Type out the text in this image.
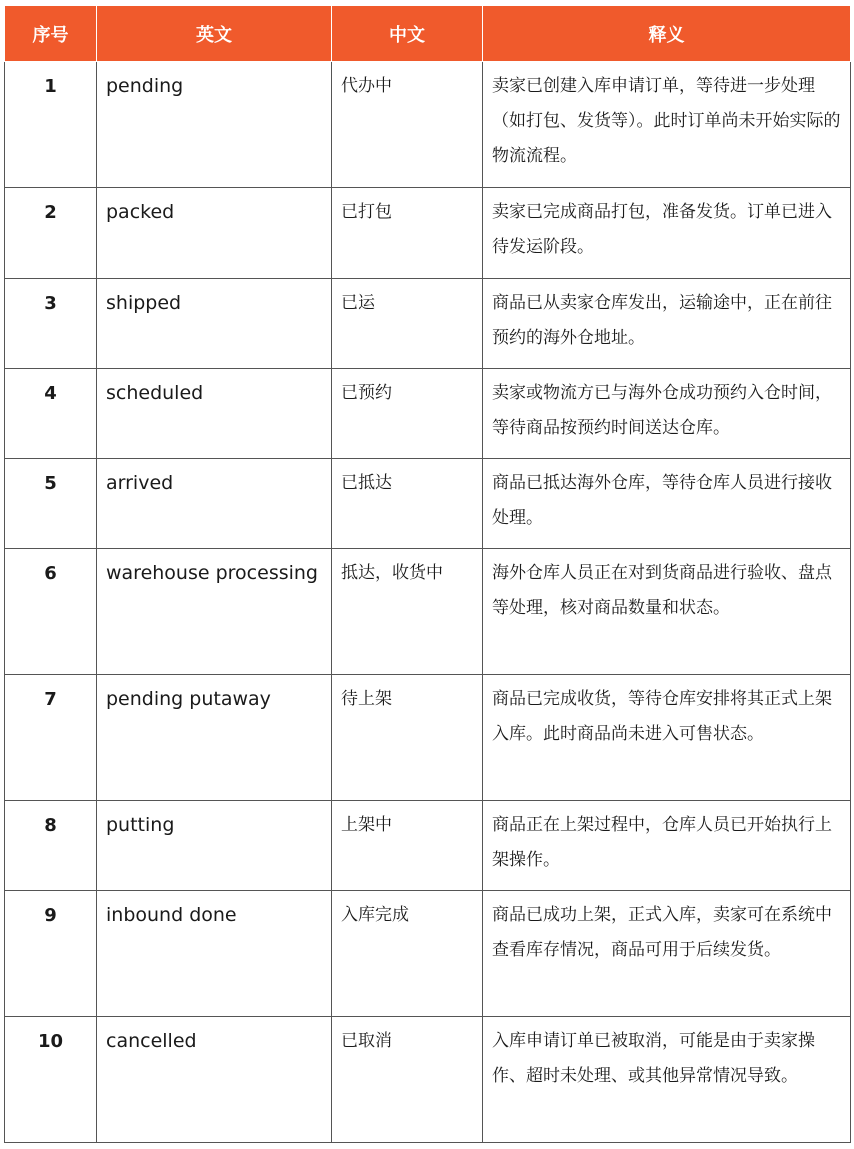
序号	英文	中文	释义
1	pending	代办中	卖家已创建入库申请订单，等待进一步处理（如打包、发货等）。此时订单尚未开始实际的物流流程。
2	packed	已打包	卖家已完成商品打包，准备发货。订单已进入待发运阶段。
3	shipped	已运	商品已从卖家仓库发出，运输途中，正在前往预约的海外仓地址。
4	scheduled	已预约	卖家或物流方已与海外仓成功预约入仓时间，等待商品按预约时间送达仓库。
5	arrived	已抵达	商品已抵达海外仓库，等待仓库人员进行接收处理。
6	warehouse processing	抵达，收货中	海外仓库人员正在对到货商品进行验收、盘点等处理，核对商品数量和状态。
7	pending putaway	待上架	商品已完成收货，等待仓库安排将其正式上架入库。此时商品尚未进入可售状态。
8	putting	上架中	商品正在上架过程中，仓库人员已开始执行上架操作。
9	inbound done	入库完成	商品已成功上架，正式入库，卖家可在系统中查看库存情况，商品可用于后续发货。
10	cancelled	已取消	入库申请订单已被取消，可能是由于卖家操作、超时未处理、或其他异常情况导致。
